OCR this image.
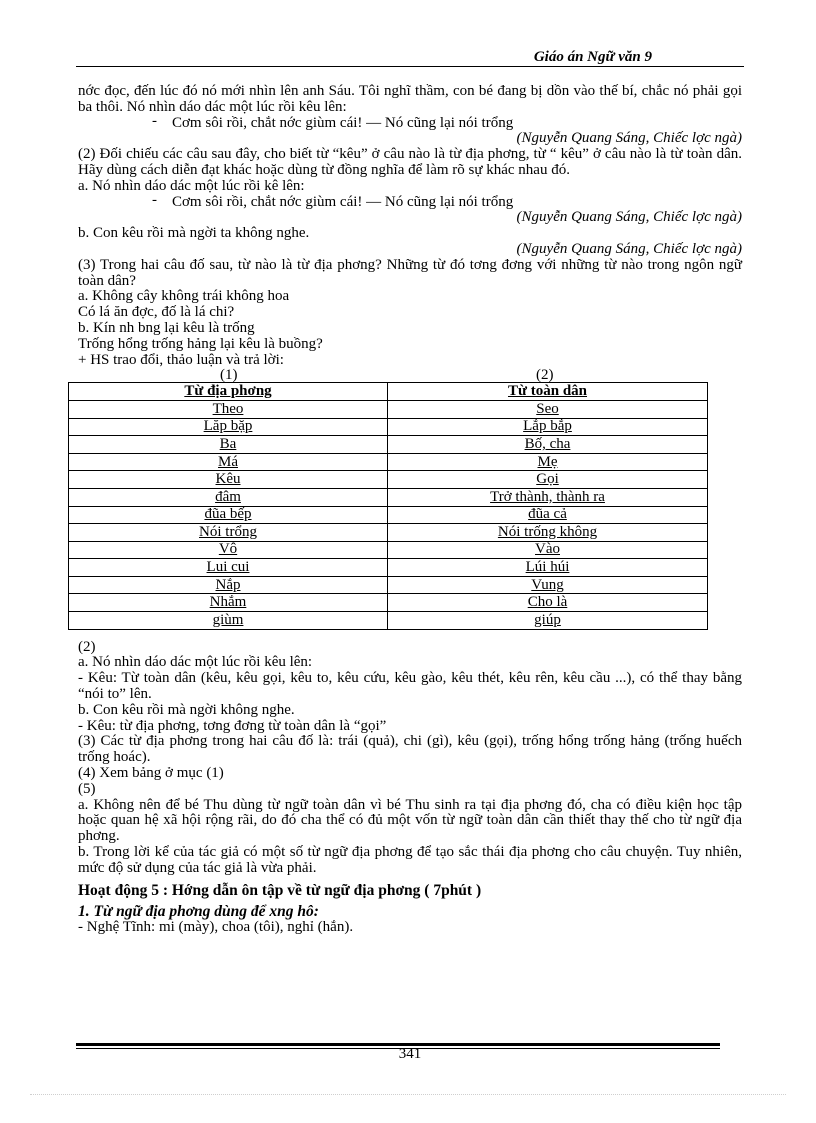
Giáo án Ngữ văn 9

nớc đọc, đến lúc đó nó mới nhìn lên anh Sáu. Tôi nghĩ thầm, con bé đang bị dồn vào thế bí, chắc nó phải gọi ba thôi. Nó nhìn dáo dác một lúc rồi kêu lên:

- Cơm sôi rồi, chắt nớc giùm cái! — Nó cũng lại nói trổng

(Nguyễn Quang Sáng, Chiếc lợc ngà)

(2) Đối chiếu các câu sau đây, cho biết từ “kêu” ở câu nào là từ địa phơng, từ “ kêu” ở câu nào là từ toàn dân. Hãy dùng cách diễn đạt khác hoặc dùng từ đồng nghĩa để làm rõ sự khác nhau đó.

a. Nó nhìn dáo dác một lúc rồi kê lên:

- Cơm sôi rồi, chắt nớc giùm cái! — Nó cũng lại nói trổng

(Nguyễn Quang Sáng, Chiếc lợc ngà)

b. Con kêu rồi mà ngời ta không nghe.

(Nguyễn Quang Sáng, Chiếc lợc ngà)

(3) Trong hai câu đố sau, từ nào là từ địa phơng? Những từ đó tơng đơng với những từ nào trong ngôn ngữ toàn dân?

a. Không cây không trái không hoa

Có lá ăn đợc, đố là lá chi?

b. Kín nh bng lại kêu là trống

Trống hổng trống hảng lại kêu là buồng?

+ HS trao đổi, thảo luận và trả lời:

(1)	(2)
Từ địa phơng	Từ toàn dân
Theo	Seo
Lăp bặp	Lắp bắp
Ba	Bố, cha
Má	Mẹ
Kêu	Gọi
đâm	Trở thành, thành ra
đũa bếp	đũa cả
Nói trổng	Nói trống không
Vô	Vào
Lui cui	Lúi húi
Nắp	Vung
Nhắm	Cho là
giùm	giúp

(2)

a. Nó nhìn dáo dác một lúc rồi kêu lên:

- Kêu: Từ toàn dân (kêu, kêu gọi, kêu to, kêu cứu, kêu gào, kêu thét, kêu rên, kêu cầu ...), có thể thay bằng “nói to” lên.

b. Con kêu rồi mà ngời không nghe.

- Kêu: từ địa phơng, tơng đơng từ toàn dân là “gọi”

(3) Các từ địa phơng trong hai câu đố là: trái (quả), chi (gì), kêu (gọi), trống hổng trống hảng (trống huếch trống hoác).

(4) Xem bảng ở mục (1)

(5)

a. Không nên để bé Thu dùng từ ngữ toàn dân vì bé Thu sinh ra tại địa phơng đó, cha có điều kiện học tập hoặc quan hệ xã hội rộng rãi, do đó cha thể có đủ một vốn từ ngữ toàn dân cần thiết thay thế cho từ ngữ địa phơng.

b. Trong lời kể của tác giả có một số từ ngữ địa phơng để tạo sắc thái địa phơng cho câu chuyện. Tuy nhiên, mức độ sử dụng của tác giả là vừa phải.

Hoạt động 5 : Hớng dẫn ôn tập về từ ngữ địa phơng ( 7phút )

1. Từ ngữ địa phơng dùng để xng hô:

- Nghệ Tĩnh: mi (mày), choa (tôi), nghỉ (hắn).

341
